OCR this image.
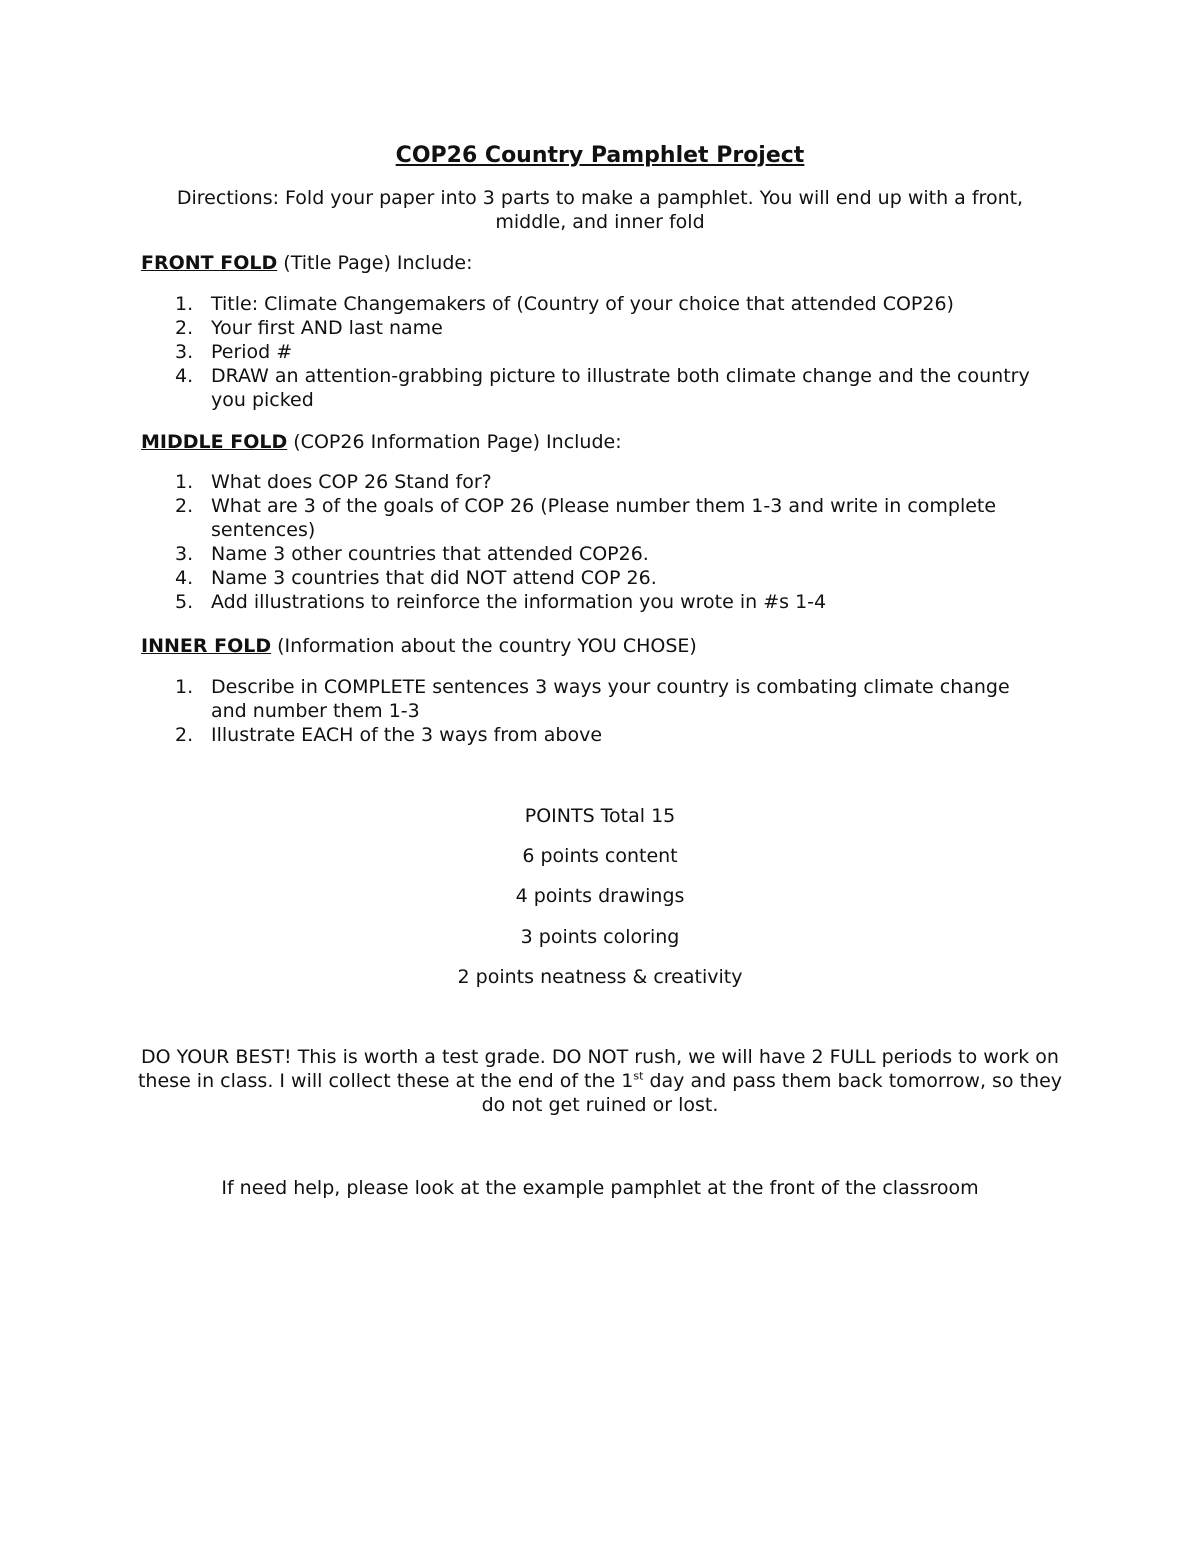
COP26 Country Pamphlet Project

Directions: Fold your paper into 3 parts to make a pamphlet. You will end up with a front, middle, and inner fold

FRONT FOLD (Title Page) Include:

1. Title: Climate Changemakers of (Country of your choice that attended COP26)
2. Your first AND last name
3. Period #
4. DRAW an attention-grabbing picture to illustrate both climate change and the country you picked

MIDDLE FOLD (COP26 Information Page) Include:

1. What does COP 26 Stand for?
2. What are 3 of the goals of COP 26 (Please number them 1-3 and write in complete sentences)
3. Name 3 other countries that attended COP26.
4. Name 3 countries that did NOT attend COP 26.
5. Add illustrations to reinforce the information you wrote in #s 1-4

INNER FOLD (Information about the country YOU CHOSE)

1. Describe in COMPLETE sentences 3 ways your country is combating climate change and number them 1-3
2. Illustrate EACH of the 3 ways from above

POINTS Total 15

6 points content

4 points drawings

3 points coloring

2 points neatness & creativity

DO YOUR BEST! This is worth a test grade. DO NOT rush, we will have 2 FULL periods to work on these in class. I will collect these at the end of the 1st day and pass them back tomorrow, so they do not get ruined or lost.

If need help, please look at the example pamphlet at the front of the classroom
